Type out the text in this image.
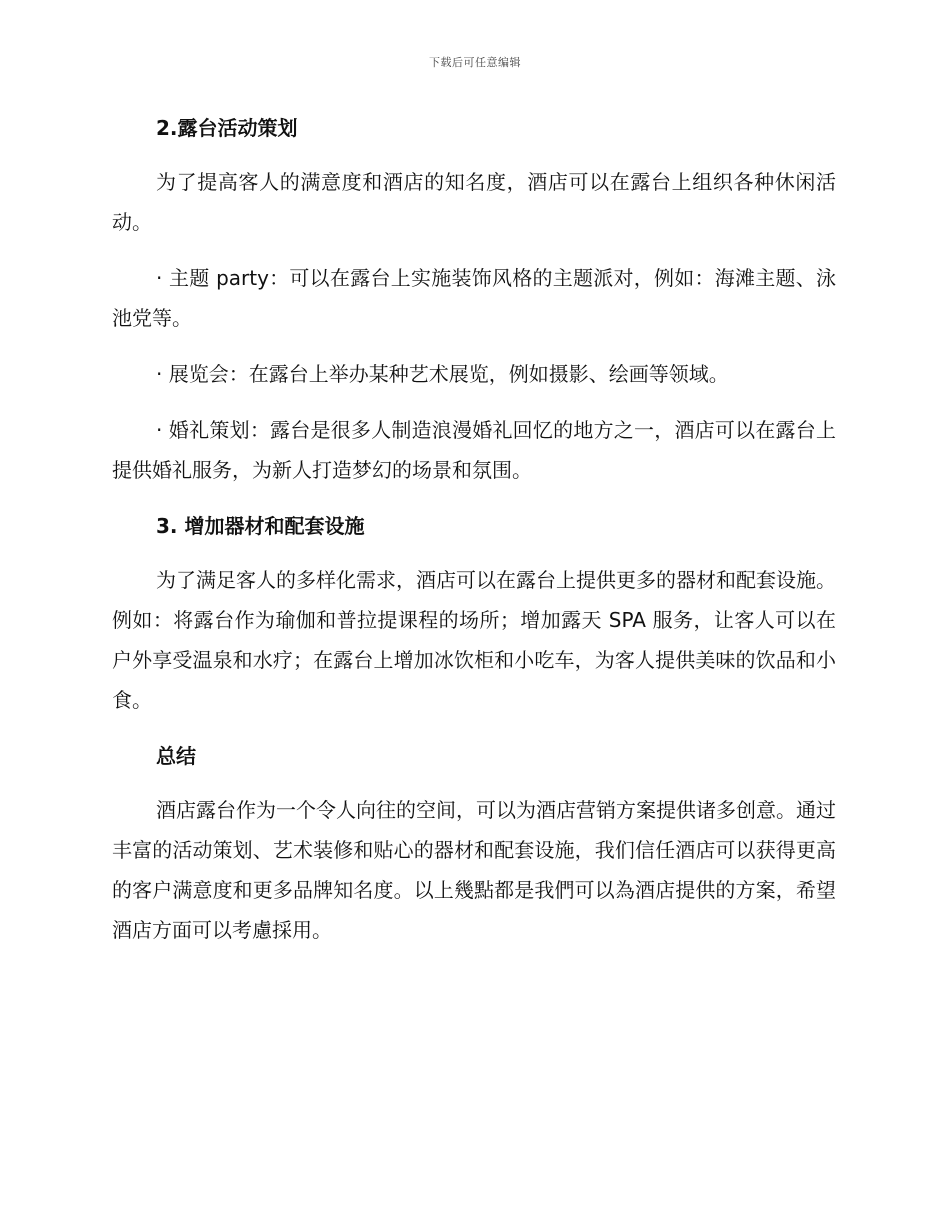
下载后可任意编辑
2.露台活动策划

为了提高客人的满意度和酒店的知名度，酒店可以在露台上组织各种休闲活动。

· 主题 party：可以在露台上实施装饰风格的主题派对，例如：海滩主题、泳池党等。

· 展览会：在露台上举办某种艺术展览，例如摄影、绘画等领域。

· 婚礼策划：露台是很多人制造浪漫婚礼回忆的地方之一，酒店可以在露台上提供婚礼服务，为新人打造梦幻的场景和氛围。

3. 增加器材和配套设施

为了满足客人的多样化需求，酒店可以在露台上提供更多的器材和配套设施。例如：将露台作为瑜伽和普拉提课程的场所；增加露天 SPA 服务，让客人可以在户外享受温泉和水疗；在露台上增加冰饮柜和小吃车，为客人提供美味的饮品和小食。

总结

酒店露台作为一个令人向往的空间，可以为酒店营销方案提供诸多创意。通过丰富的活动策划、艺术装修和贴心的器材和配套设施，我们信任酒店可以获得更高的客户满意度和更多品牌知名度。以上幾點都是我們可以為酒店提供的方案，希望酒店方面可以考慮採用。
